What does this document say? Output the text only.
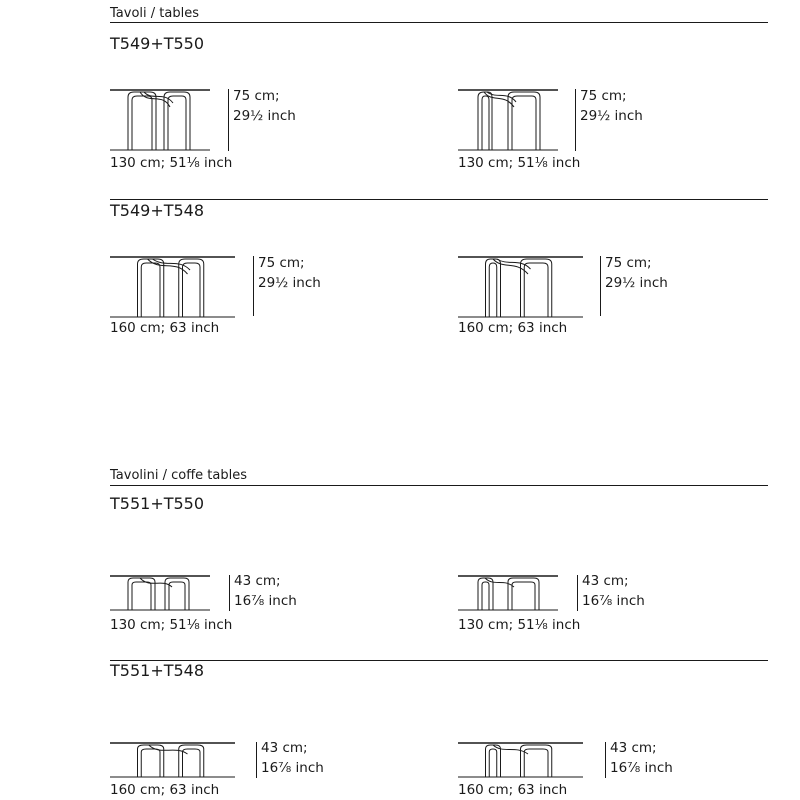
Tavoli / tables
T549+T550
75 cm;
29½ inch
130 cm; 51⅛ inch
75 cm;
29½ inch
130 cm; 51⅛ inch
T549+T548
75 cm;
29½ inch
160 cm; 63 inch
75 cm;
29½ inch
160 cm; 63 inch
Tavolini / coffe tables
T551+T550
43 cm;
16⅞ inch
130 cm; 51⅛ inch
43 cm;
16⅞ inch
130 cm; 51⅛ inch
T551+T548
43 cm;
16⅞ inch
160 cm; 63 inch
43 cm;
16⅞ inch
160 cm; 63 inch
